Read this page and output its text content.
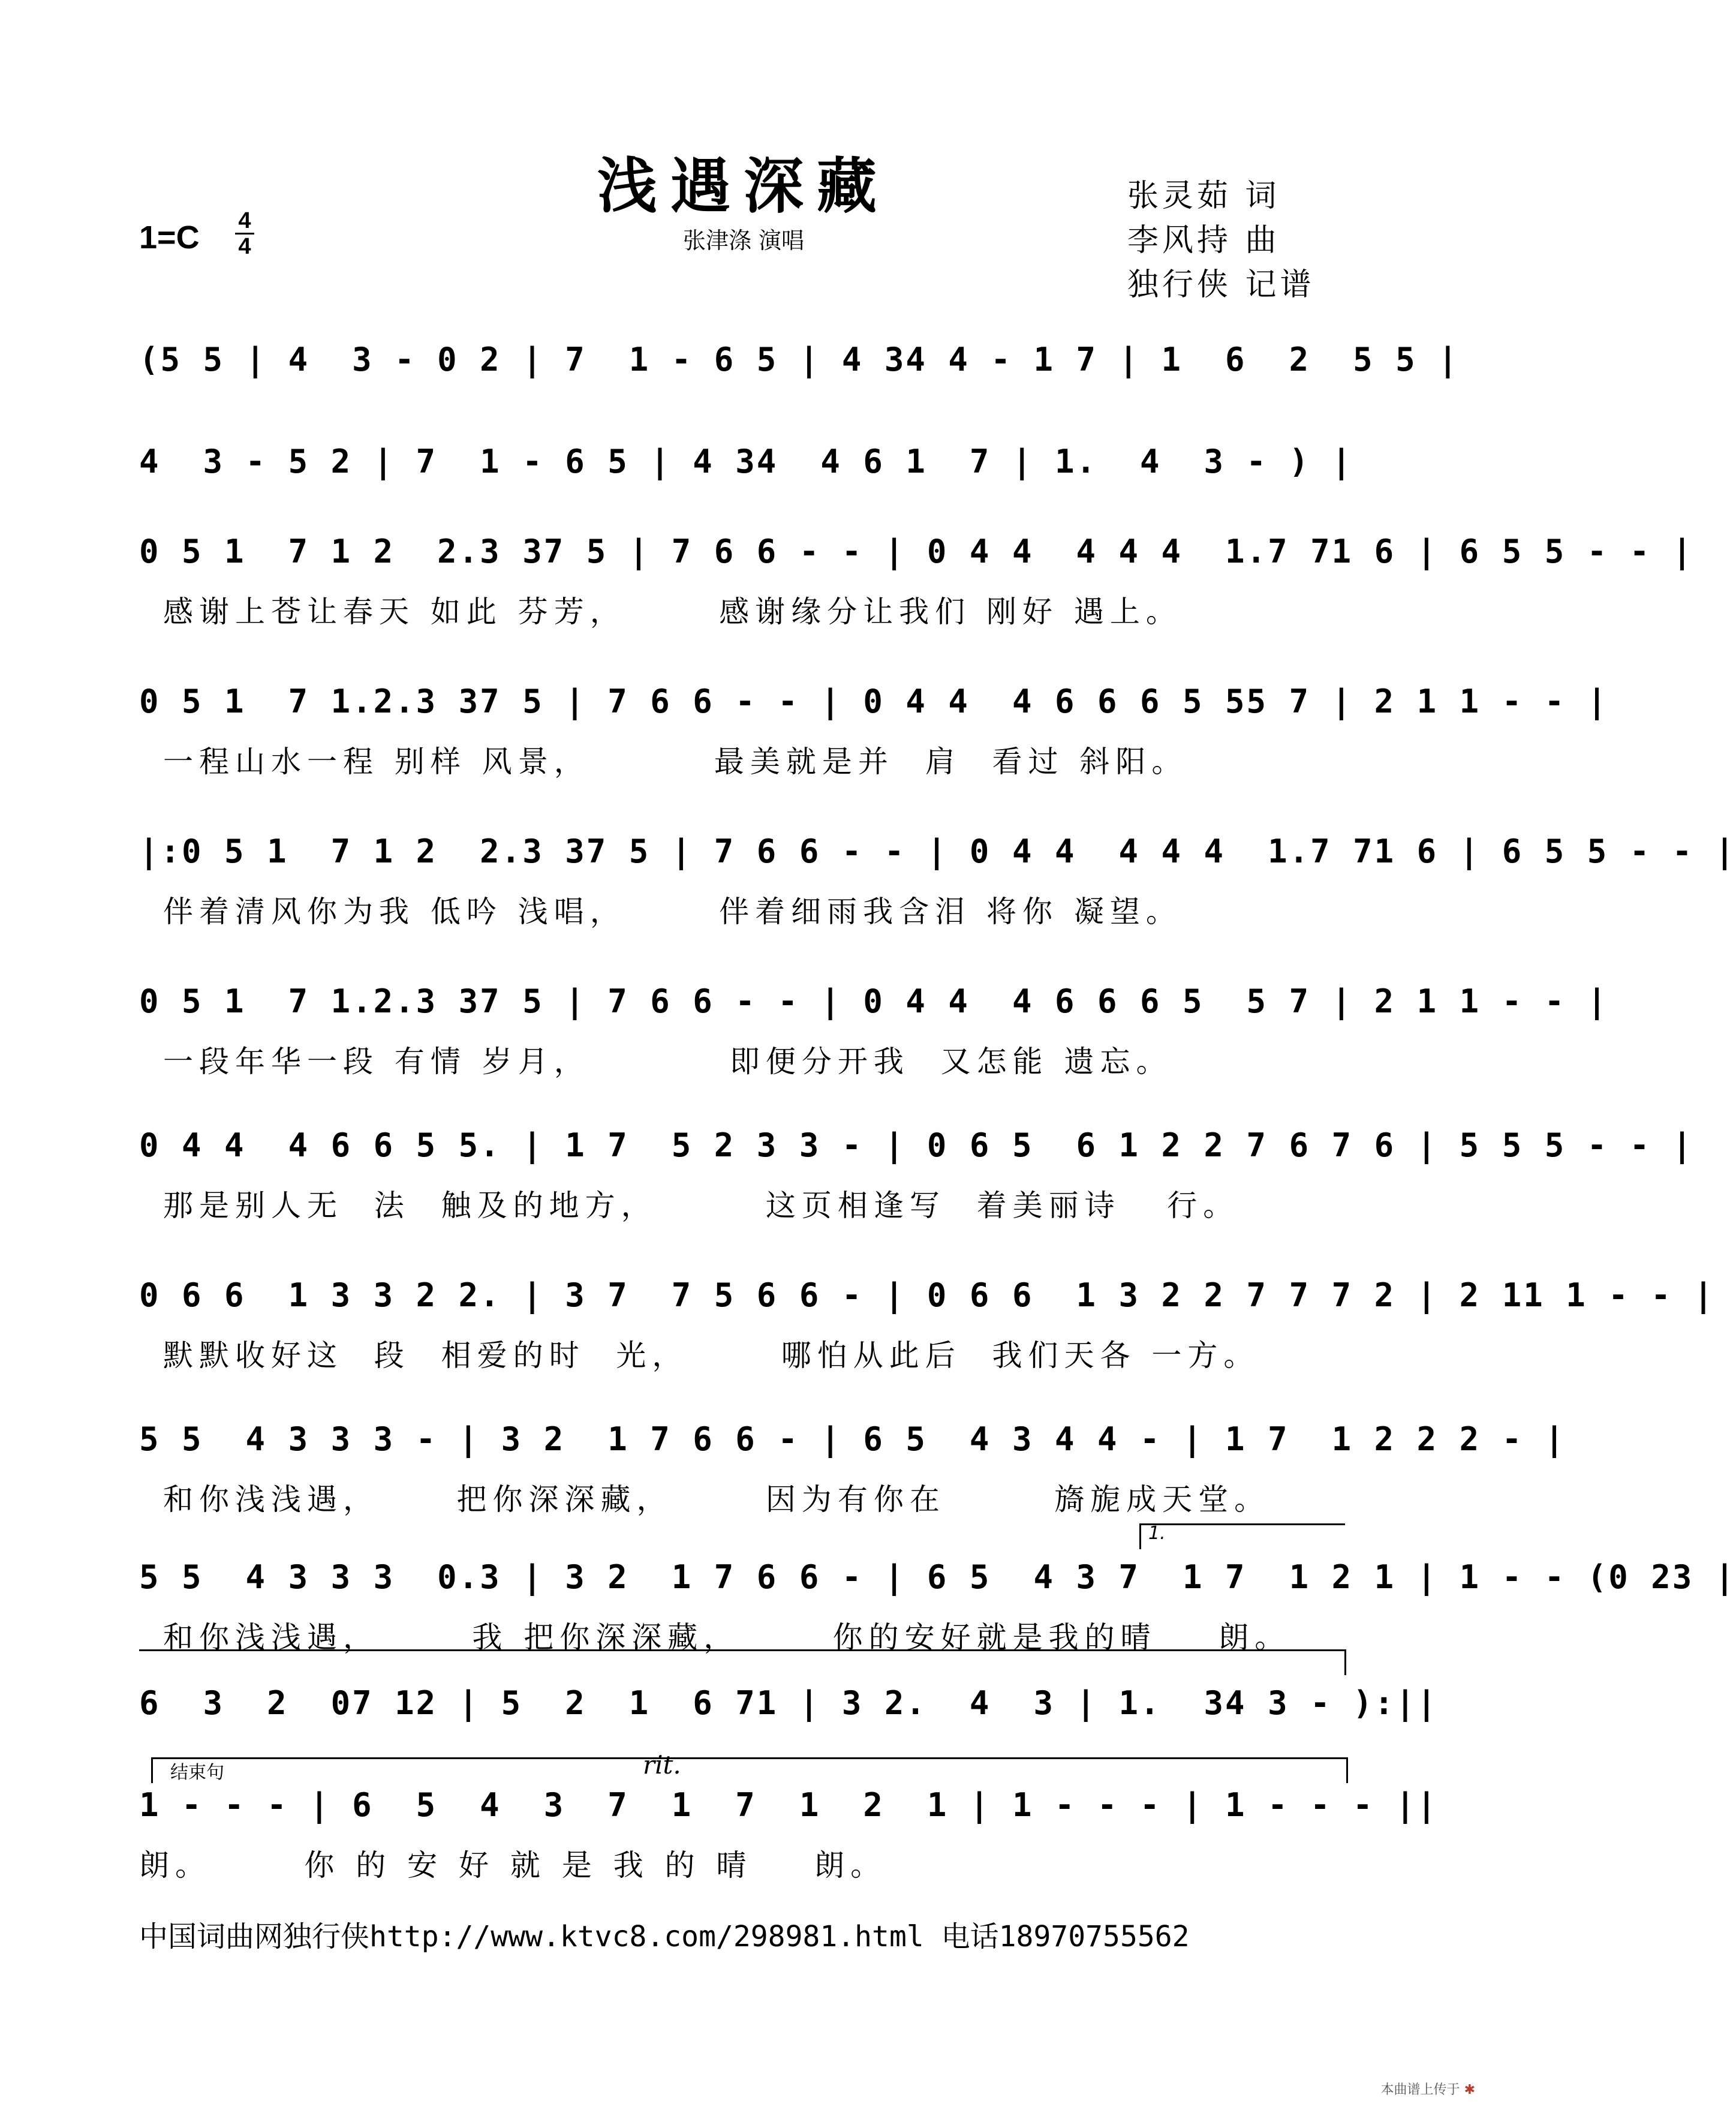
浅遇深藏
张津涤 演唱
张灵茹 词
李风持 曲
独行侠 记谱
1=C 4
4
(5 5 | 4  3 - 0 2 | 7  1 - 6 5 | 4 34 4 - 1 7 | 1  6  2  5 5 |
4  3 - 5 2 | 7  1 - 6 5 | 4 34  4 6 1  7 | 1.  4  3 - ) |
0 5 1  7 1 2  2.3 37 5 | 7 6 6 - - | 0 4 4  4 4 4  1.7 71 6 | 6 5 5 - - |
感谢上苍让春天 如此 芬芳，      感谢缘分让我们 刚好 遇上。
0 5 1  7 1.2.3 37 5 | 7 6 6 - - | 0 4 4  4 6 6 6 5 55 7 | 2 1 1 - - |
一程山水一程 别样 风景，        最美就是并  肩  看过 斜阳。
|:0 5 1  7 1 2  2.3 37 5 | 7 6 6 - - | 0 4 4  4 4 4  1.7 71 6 | 6 5 5 - - |
伴着清风你为我 低吟 浅唱，      伴着细雨我含泪 将你 凝望。
0 5 1  7 1.2.3 37 5 | 7 6 6 - - | 0 4 4  4 6 6 6 5  5 7 | 2 1 1 - - |
一段年华一段 有情 岁月，         即便分开我  又怎能 遗忘。
0 4 4  4 6 6 5 5. | 1 7  5 2 3 3 - | 0 6 5  6 1 2 2 7 6 7 6 | 5 5 5 - - |
那是别人无  法  触及的地方，       这页相逢写  着美丽诗   行。
0 6 6  1 3 3 2 2. | 3 7  7 5 6 6 - | 0 6 6  1 3 2 2 7 7 7 2 | 2 11 1 - - |
默默收好这  段  相爱的时  光，      哪怕从此后  我们天各 一方。
5 5  4 3 3 3 - | 3 2  1 7 6 6 - | 6 5  4 3 4 4 - | 1 7  1 2 2 2 - |
和你浅浅遇，     把你深深藏，      因为有你在       旖旎成天堂。
1.
5 5  4 3 3 3  0.3 | 3 2  1 7 6 6 - | 6 5  4 3 7  1 7  1 2 1 | 1 - - (0 23 |
和你浅浅遇，      我 把你深深藏，      你的安好就是我的晴    朗。
6  3  2  07 12 | 5  2  1  6 71 | 3 2.  4  3 | 1.  34 3 - ):||
结束句	rit.
1 - - - | 6  5  4  3  7  1  7  1  2  1 | 1 - - - | 1 - - - ||
朗。      你 的 安 好 就 是 我 的 晴    朗。
中国词曲网独行侠http://www.ktvc8.com/298981.html 电话18970755562
本曲谱上传于 ✱
